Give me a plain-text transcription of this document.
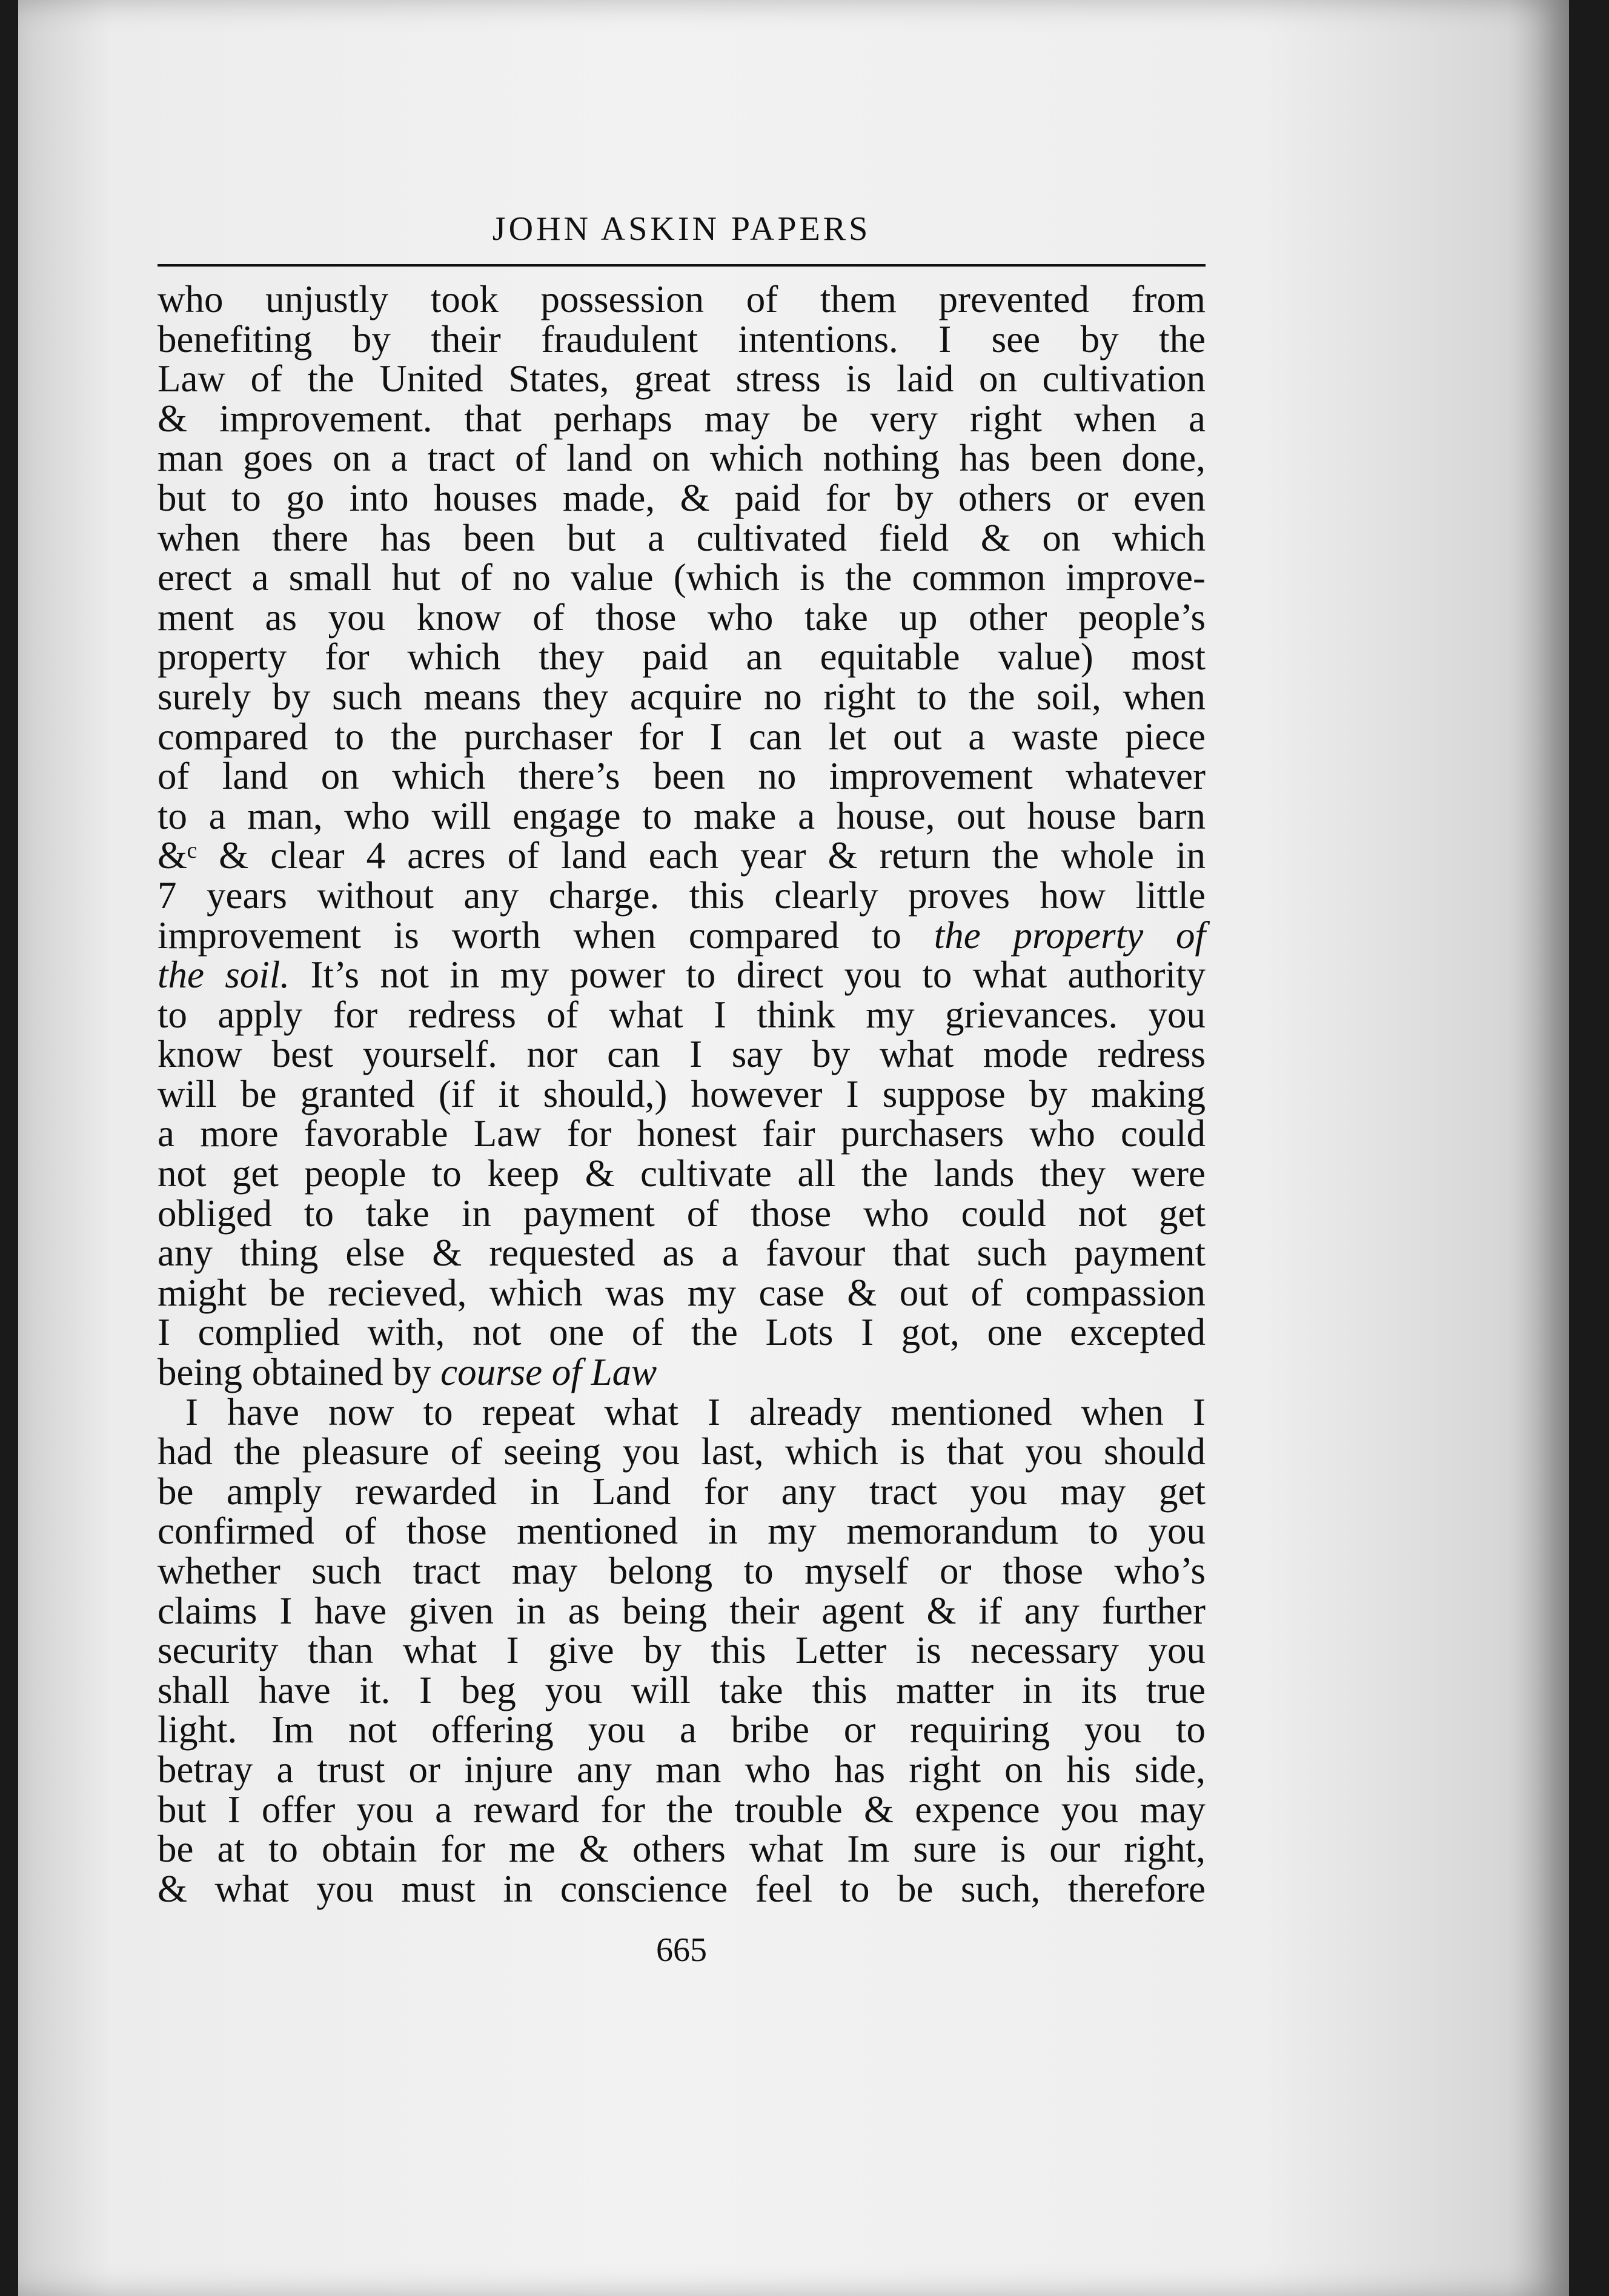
JOHN ASKIN PAPERS
who unjustly took possession of them prevented from
benefiting by their fraudulent intentions. I see by the
Law of the United States, great stress is laid on cultivation
& improvement. that perhaps may be very right when a
man goes on a tract of land on which nothing has been done,
but to go into houses made, & paid for by others or even
when there has been but a cultivated field & on which
erect a small hut of no value (which is the common improve-
ment as you know of those who take up other people’s
property for which they paid an equitable value) most
surely by such means they acquire no right to the soil, when
compared to the purchaser for I can let out a waste piece
of land on which there’s been no improvement whatever
to a man, who will engage to make a house, out house barn
&ᶜ & clear 4 acres of land each year & return the whole in
7 years without any charge. this clearly proves how little
improvement is worth when compared to the property of
the soil. It’s not in my power to direct you to what authority
to apply for redress of what I think my grievances. you
know best yourself. nor can I say by what mode redress
will be granted (if it should,) however I suppose by making
a more favorable Law for honest fair purchasers who could
not get people to keep & cultivate all the lands they were
obliged to take in payment of those who could not get
any thing else & requested as a favour that such payment
might be recieved, which was my case & out of compassion
I complied with, not one of the Lots I got, one excepted
being obtained by course of Law
I have now to repeat what I already mentioned when I
had the pleasure of seeing you last, which is that you should
be amply rewarded in Land for any tract you may get
confirmed of those mentioned in my memorandum to you
whether such tract may belong to myself or those who’s
claims I have given in as being their agent & if any further
security than what I give by this Letter is necessary you
shall have it. I beg you will take this matter in its true
light. Im not offering you a bribe or requiring you to
betray a trust or injure any man who has right on his side,
but I offer you a reward for the trouble & expence you may
be at to obtain for me & others what Im sure is our right,
& what you must in conscience feel to be such, therefore
665
